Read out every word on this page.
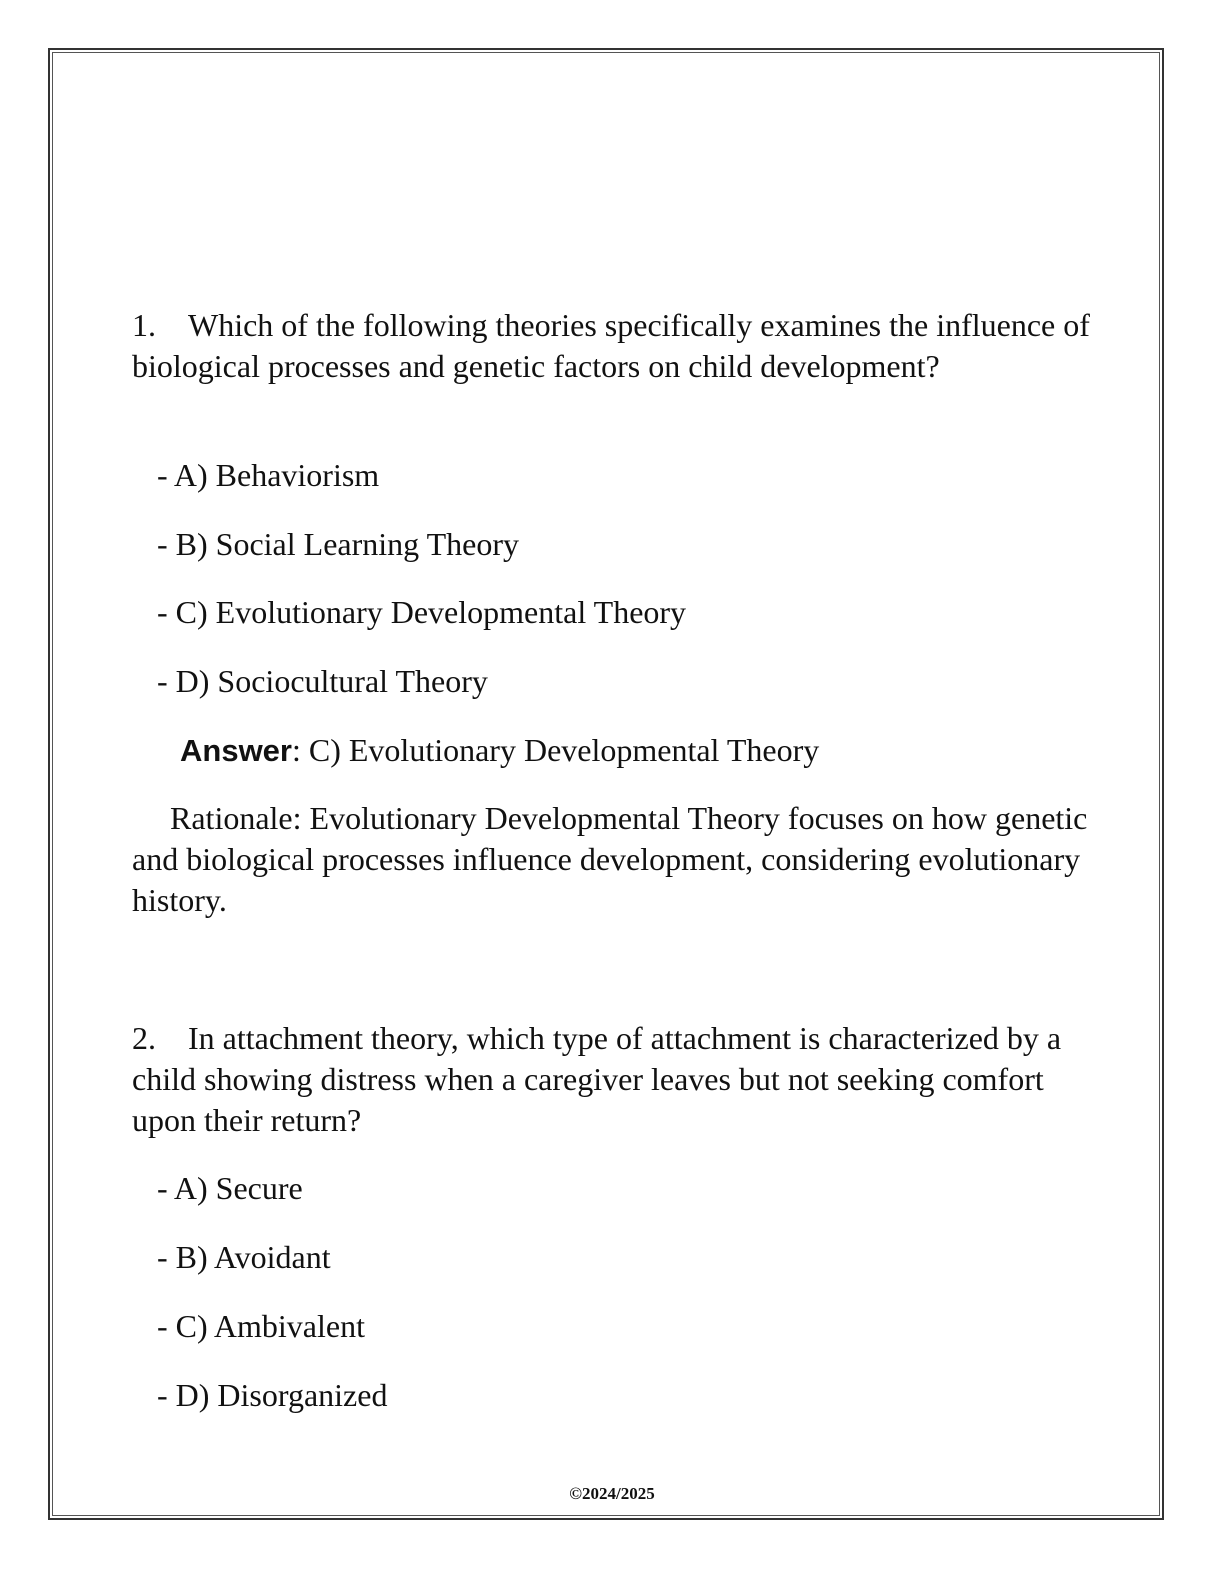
1. Which of the following theories specifically examines the influence of biological processes and genetic factors on child development?
- A) Behaviorism
- B) Social Learning Theory
- C) Evolutionary Developmental Theory
- D) Sociocultural Theory
Answer: C) Evolutionary Developmental Theory
Rationale: Evolutionary Developmental Theory focuses on how genetic and biological processes influence development, considering evolutionary history.
2. In attachment theory, which type of attachment is characterized by a child showing distress when a caregiver leaves but not seeking comfort upon their return?
- A) Secure
- B) Avoidant
- C) Ambivalent
- D) Disorganized
©2024/2025
